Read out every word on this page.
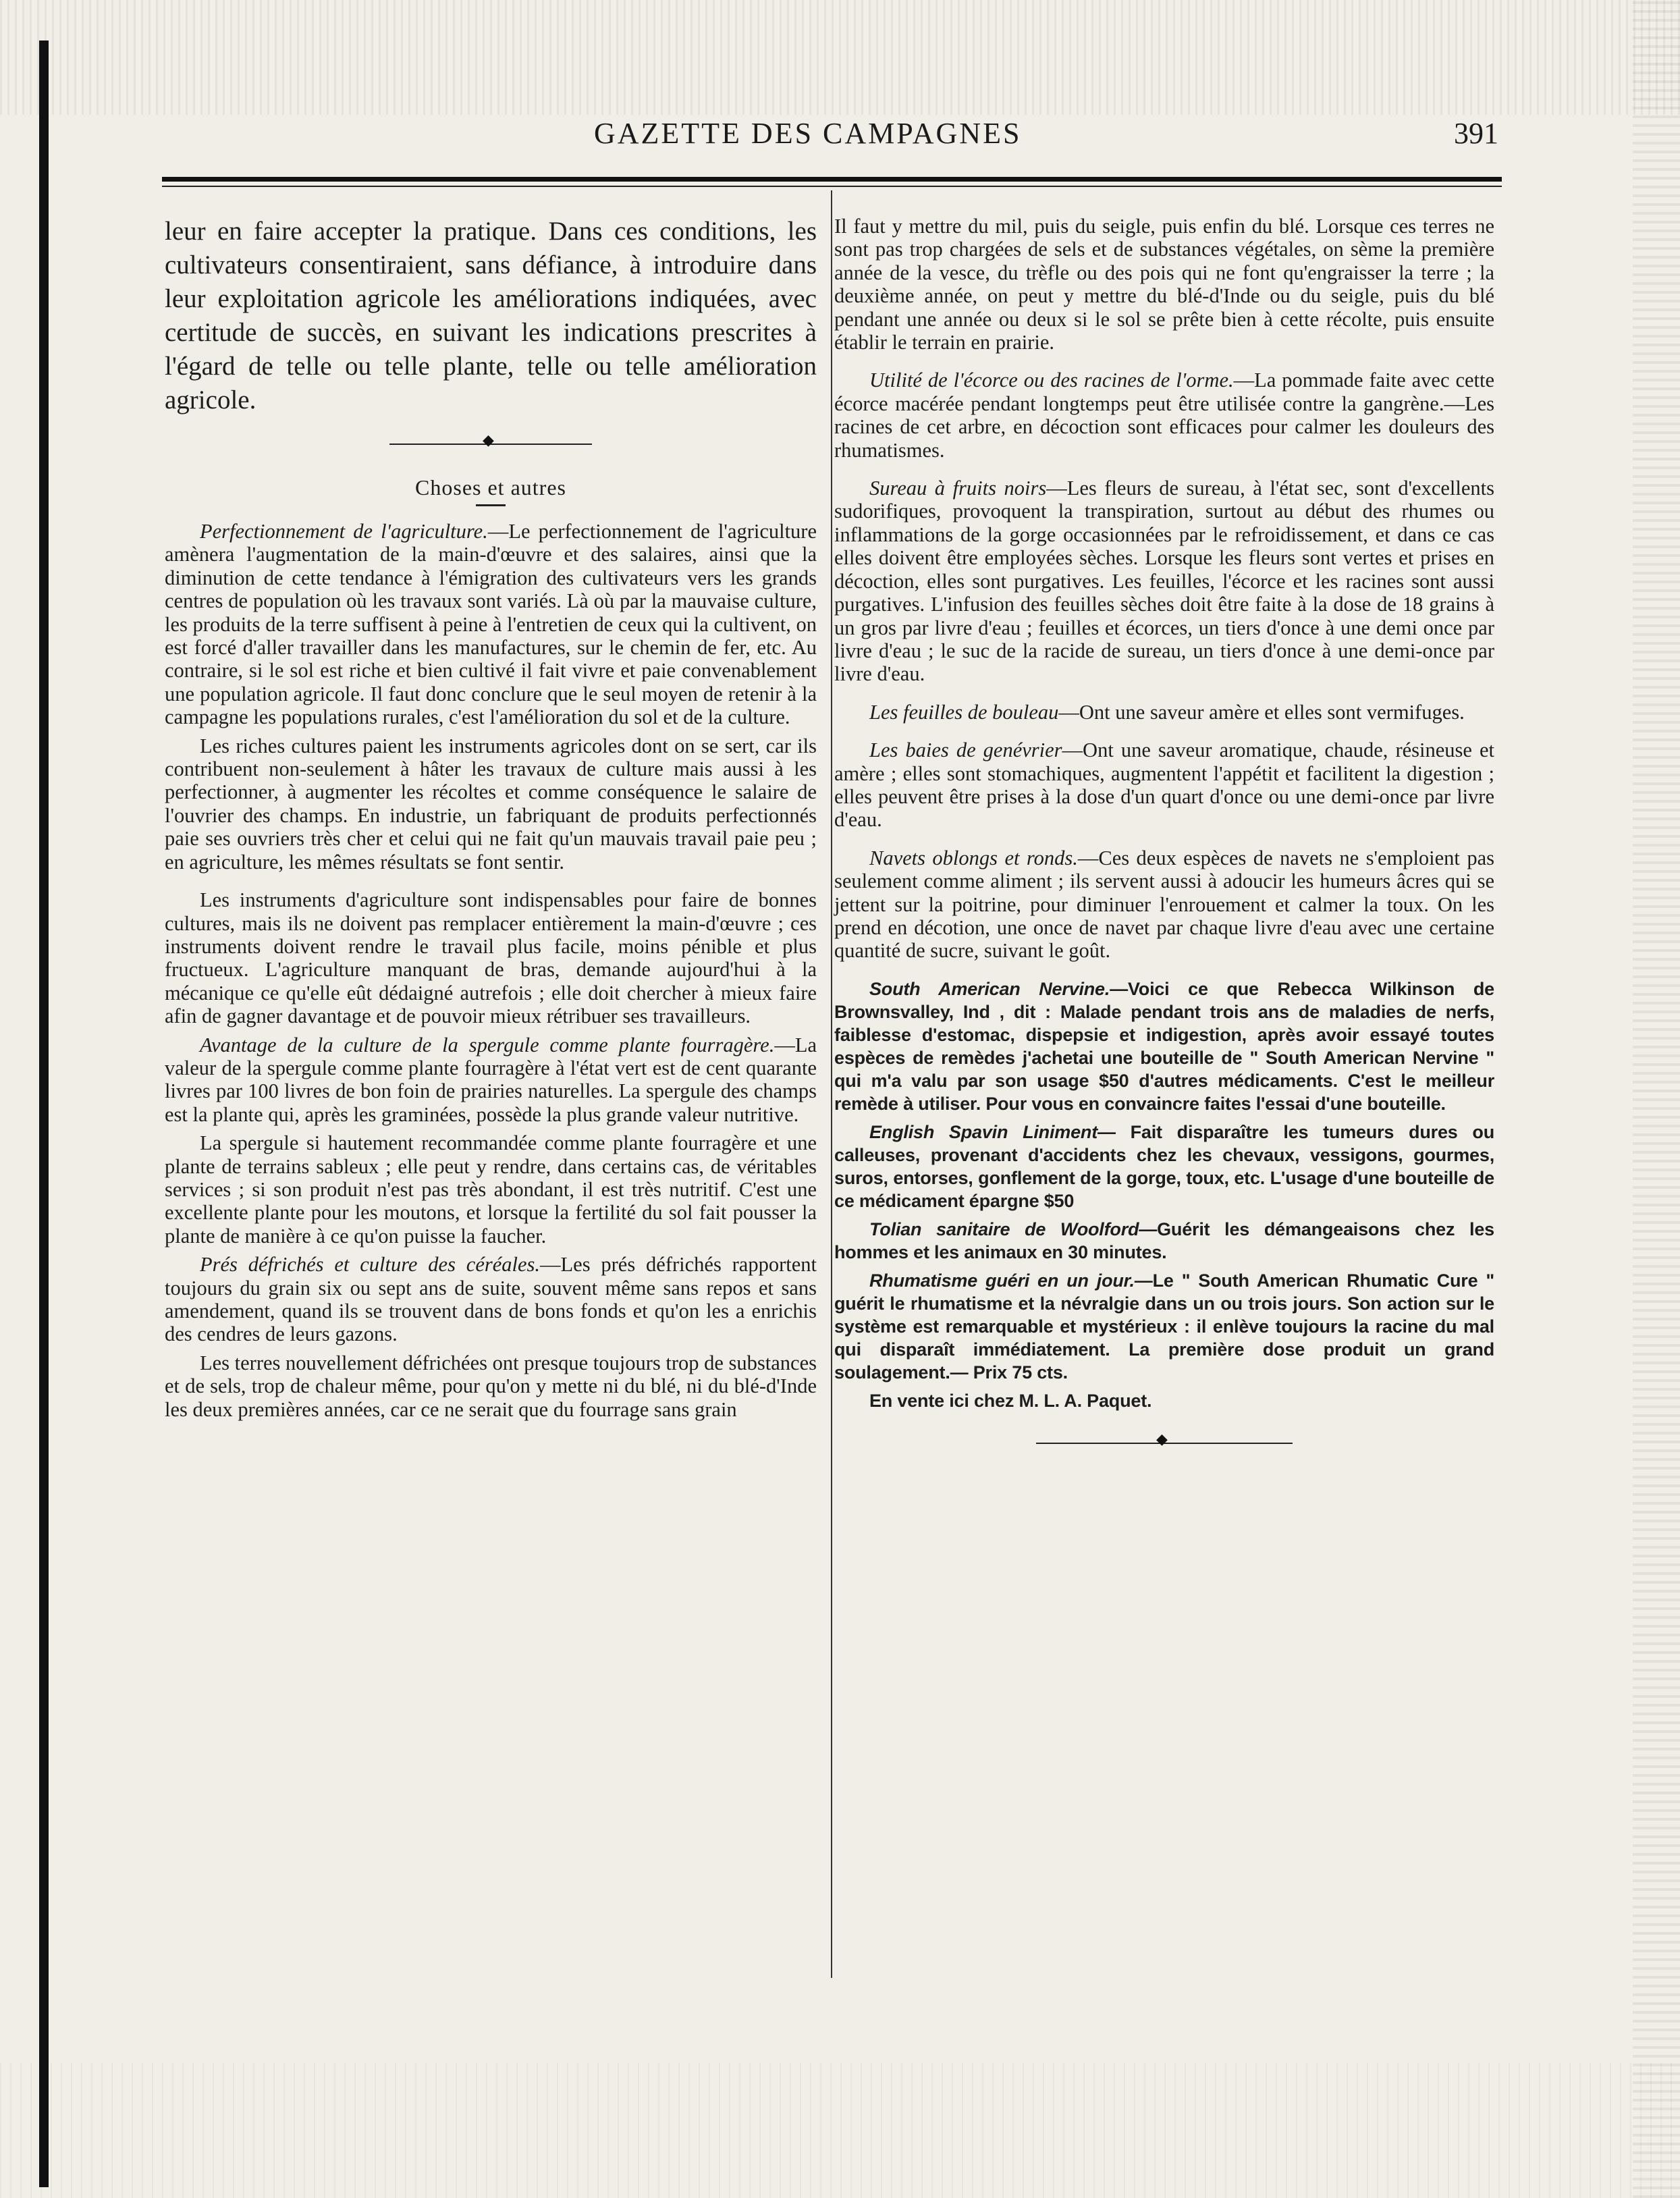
GAZETTE DES CAMPAGNES	391

leur en faire accepter la pratique. Dans ces conditions, les cultivateurs consentiraient, sans défiance, à introduire dans leur exploitation agricole les améliorations indiquées, avec certitude de succès, en suivant les indications prescrites à l'égard de telle ou telle plante, telle ou telle amélioration agricole.

◆
Choses et autres

Perfectionnement de l'agriculture.—Le perfectionnement de l'agriculture amènera l'augmentation de la main-d'œuvre et des salaires, ainsi que la diminution de cette tendance à l'émigration des cultivateurs vers les grands centres de population où les travaux sont variés. Là où par la mauvaise culture, les produits de la terre suffisent à peine à l'entretien de ceux qui la cultivent, on est forcé d'aller travailler dans les manufactures, sur le chemin de fer, etc. Au contraire, si le sol est riche et bien cultivé il fait vivre et paie convenablement une population agricole. Il faut donc conclure que le seul moyen de retenir à la campagne les populations rurales, c'est l'amélioration du sol et de la culture.

Les riches cultures paient les instruments agricoles dont on se sert, car ils contribuent non-seulement à hâter les travaux de culture mais aussi à les perfectionner, à augmenter les récoltes et comme conséquence le salaire de l'ouvrier des champs. En industrie, un fabriquant de produits perfectionnés paie ses ouvriers très cher et celui qui ne fait qu'un mauvais travail paie peu ; en agriculture, les mêmes résultats se font sentir.

Les instruments d'agriculture sont indispensables pour faire de bonnes cultures, mais ils ne doivent pas remplacer entièrement la main-d'œuvre ; ces instruments doivent rendre le travail plus facile, moins pénible et plus fructueux. L'agriculture manquant de bras, demande aujourd'hui à la mécanique ce qu'elle eût dédaigné autrefois ; elle doit chercher à mieux faire afin de gagner davantage et de pouvoir mieux rétribuer ses travailleurs.

Avantage de la culture de la spergule comme plante fourragère.—La valeur de la spergule comme plante fourragère à l'état vert est de cent quarante livres par 100 livres de bon foin de prairies naturelles. La spergule des champs est la plante qui, après les graminées, possède la plus grande valeur nutritive.

La spergule si hautement recommandée comme plante fourragère et une plante de terrains sableux ; elle peut y rendre, dans certains cas, de véritables services ; si son produit n'est pas très abondant, il est très nutritif. C'est une excellente plante pour les moutons, et lorsque la fertilité du sol fait pousser la plante de manière à ce qu'on puisse la faucher.

Prés défrichés et culture des céréales.—Les prés défrichés rapportent toujours du grain six ou sept ans de suite, souvent même sans repos et sans amendement, quand ils se trouvent dans de bons fonds et qu'on les a enrichis des cendres de leurs gazons.

Les terres nouvellement défrichées ont presque toujours trop de substances et de sels, trop de chaleur même, pour qu'on y mette ni du blé, ni du blé-d'Inde les deux premières années, car ce ne serait que du fourrage sans grain

Il faut y mettre du mil, puis du seigle, puis enfin du blé. Lorsque ces terres ne sont pas trop chargées de sels et de substances végétales, on sème la première année de la vesce, du trèfle ou des pois qui ne font qu'engraisser la terre ; la deuxième année, on peut y mettre du blé-d'Inde ou du seigle, puis du blé pendant une année ou deux si le sol se prête bien à cette récolte, puis ensuite établir le terrain en prairie.

Utilité de l'écorce ou des racines de l'orme.—La pommade faite avec cette écorce macérée pendant longtemps peut être utilisée contre la gangrène.—Les racines de cet arbre, en décoction sont efficaces pour calmer les douleurs des rhumatismes.

Sureau à fruits noirs—Les fleurs de sureau, à l'état sec, sont d'excellents sudorifiques, provoquent la transpiration, surtout au début des rhumes ou inflammations de la gorge occasionnées par le refroidissement, et dans ce cas elles doivent être employées sèches. Lorsque les fleurs sont vertes et prises en décoction, elles sont purgatives. Les feuilles, l'écorce et les racines sont aussi purgatives. L'infusion des feuilles sèches doit être faite à la dose de 18 grains à un gros par livre d'eau ; feuilles et écorces, un tiers d'once à une demi once par livre d'eau ; le suc de la racide de sureau, un tiers d'once à une demi-once par livre d'eau.

Les feuilles de bouleau—Ont une saveur amère et elles sont vermifuges.

Les baies de genévrier—Ont une saveur aromatique, chaude, résineuse et amère ; elles sont stomachiques, augmentent l'appétit et facilitent la digestion ; elles peuvent être prises à la dose d'un quart d'once ou une demi-once par livre d'eau.

Navets oblongs et ronds.—Ces deux espèces de navets ne s'emploient pas seulement comme aliment ; ils servent aussi à adoucir les humeurs âcres qui se jettent sur la poitrine, pour diminuer l'enrouement et calmer la toux. On les prend en décotion, une once de navet par chaque livre d'eau avec une certaine quantité de sucre, suivant le goût.

South American Nervine.—Voici ce que Rebecca Wilkinson de Brownsvalley, Ind , dit : Malade pendant trois ans de maladies de nerfs, faiblesse d'estomac, dispepsie et indigestion, après avoir essayé toutes espèces de remèdes j'achetai une bouteille de " South American Nervine " qui m'a valu par son usage $50 d'autres médicaments. C'est le meilleur remède à utiliser. Pour vous en convaincre faites l'essai d'une bouteille.

English Spavin Liniment— Fait disparaître les tumeurs dures ou calleuses, provenant d'accidents chez les chevaux, vessigons, gourmes, suros, entorses, gonflement de la gorge, toux, etc. L'usage d'une bouteille de ce médicament épargne $50

Tolian sanitaire de Woolford—Guérit les démangeaisons chez les hommes et les animaux en 30 minutes.

Rhumatisme guéri en un jour.—Le " South American Rhumatic Cure " guérit le rhumatisme et la névralgie dans un ou trois jours. Son action sur le système est remarquable et mystérieux : il enlève toujours la racine du mal qui disparaît immédiatement. La première dose produit un grand soulagement.— Prix 75 cts.

En vente ici chez M. L. A. Paquet.

◆
